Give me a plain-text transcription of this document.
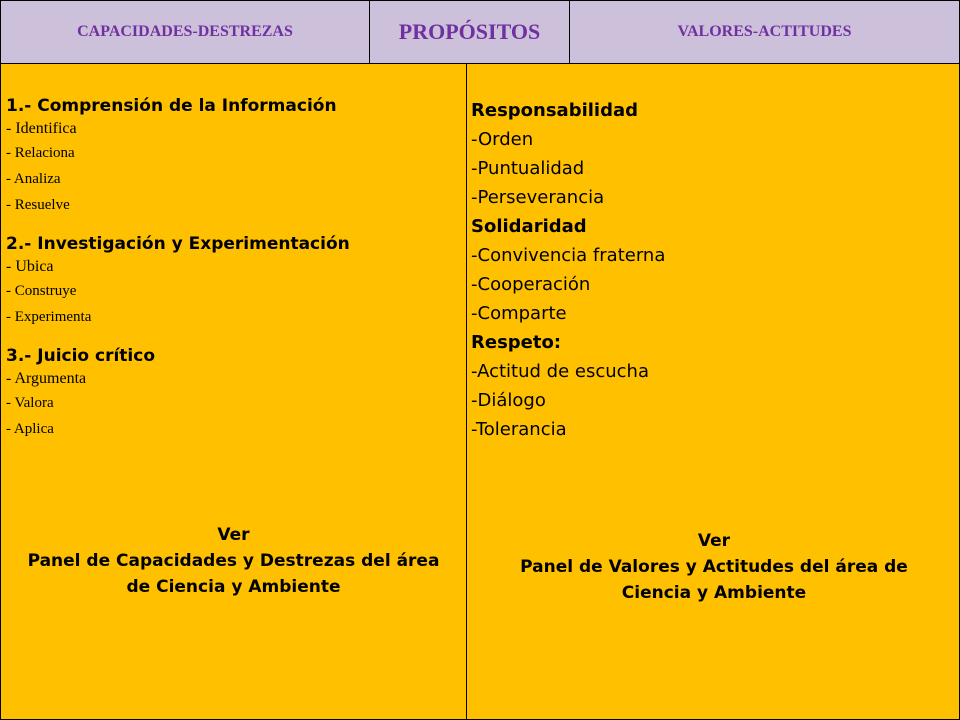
CAPACIDADES-DESTREZAS	PROPÓSITOS	VALORES-ACTITUDES
1.- Comprensión de la Información
- Identifica
- Relaciona
- Analiza
- Resuelve
2.- Investigación y Experimentación
- Ubica
- Construye
- Experimenta
3.- Juicio crítico
- Argumenta
- Valora
- Aplica
Ver
Panel de Capacidades y Destrezas del área
de Ciencia y Ambiente
Responsabilidad
-Orden
-Puntualidad
-Perseverancia
Solidaridad
-Convivencia fraterna
-Cooperación
-Comparte
Respeto:
-Actitud de escucha
-Diálogo
-Tolerancia
Ver
Panel de Valores y Actitudes del área de
Ciencia y Ambiente
